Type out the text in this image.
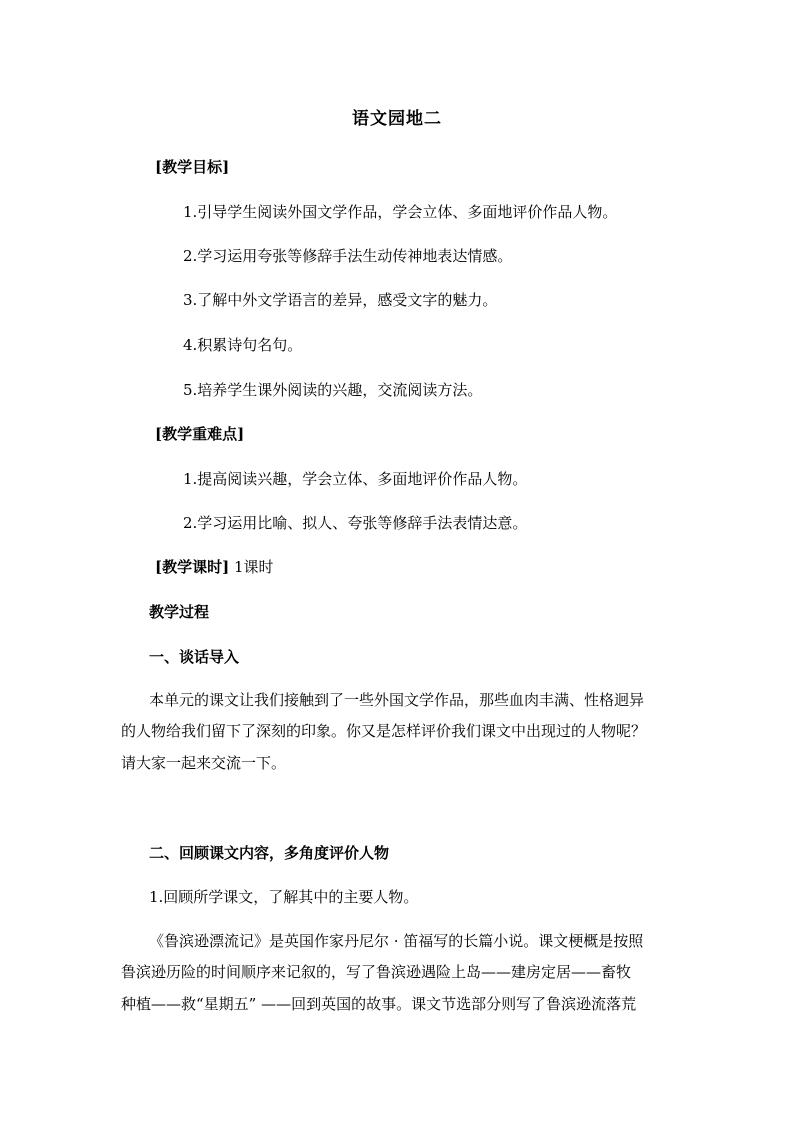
语文园地二
[教学目标]
1.引导学生阅读外国文学作品，学会立体、多面地评价作品人物。
2.学习运用夸张等修辞手法生动传神地表达情感。
3.了解中外文学语言的差异，感受文字的魅力。
4.积累诗句名句。
5.培养学生课外阅读的兴趣，交流阅读方法。
[教学重难点]
1.提高阅读兴趣，学会立体、多面地评价作品人物。
2.学习运用比喻、拟人、夸张等修辞手法表情达意。
[教学课时] 1课时
教学过程
一、谈话导入
本单元的课文让我们接触到了一些外国文学作品，那些血肉丰满、性格迥异
的人物给我们留下了深刻的印象。你又是怎样评价我们课文中出现过的人物呢？
请大家一起来交流一下。
二、回顾课文内容，多角度评价人物
1.回顾所学课文，了解其中的主要人物。
《鲁滨逊漂流记》是英国作家丹尼尔 · 笛福写的长篇小说。课文梗概是按照
鲁滨逊历险的时间顺序来记叙的，写了鲁滨逊遇险上岛——建房定居——畜牧
种植——救“星期五” ——回到英国的故事。课文节选部分则写了鲁滨逊流落荒
